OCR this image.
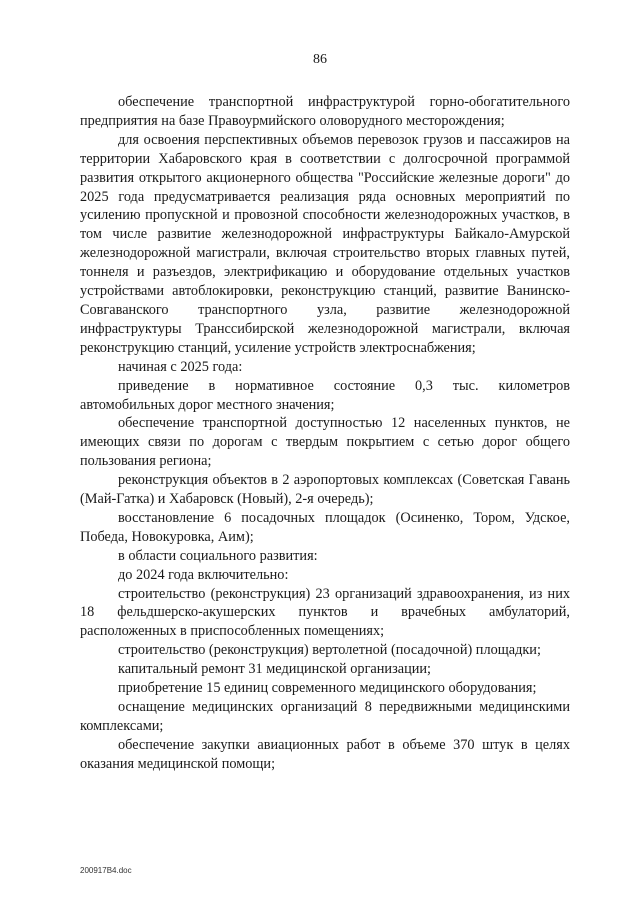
86

обеспечение транспортной инфраструктурой горно-обогатительного предприятия на базе Правоурмийского оловорудного месторождения;

для освоения перспективных объемов перевозок грузов и пассажиров на территории Хабаровского края в соответствии с долгосрочной программой развития открытого акционерного общества "Российские железные дороги" до 2025 года предусматривается реализация ряда основных мероприятий по усилению пропускной и провозной способности железнодорожных участков, в том числе развитие железнодорожной инфраструктуры Байкало-Амурской железнодорожной магистрали, включая строительство вторых главных путей, тоннеля и разъездов, электрификацию и оборудование отдельных участков устройствами автоблокировки, реконструкцию станций, развитие Ванинско-Совгаванского транспортного узла, развитие железнодорожной инфраструктуры Транссибирской железнодорожной магистрали, включая реконструкцию станций, усиление устройств электроснабжения;

начиная с 2025 года:

приведение в нормативное состояние 0,3 тыс. километров автомобильных дорог местного значения;

обеспечение транспортной доступностью 12 населенных пунктов, не имеющих связи по дорогам с твердым покрытием с сетью дорог общего пользования региона;

реконструкция объектов в 2 аэропортовых комплексах (Советская Гавань (Май-Гатка) и Хабаровск (Новый), 2-я очередь);

восстановление 6 посадочных площадок (Осиненко, Тором, Удское, Победа, Новокуровка, Аим);

в области социального развития:

до 2024 года включительно:

строительство (реконструкция) 23 организаций здравоохранения, из них 18 фельдшерско-акушерских пунктов и врачебных амбулаторий, расположенных в приспособленных помещениях;

строительство (реконструкция) вертолетной (посадочной) площадки;

капитальный ремонт 31 медицинской организации;

приобретение 15 единиц современного медицинского оборудования;

оснащение медицинских организаций 8 передвижными медицинскими комплексами;

обеспечение закупки авиационных работ в объеме 370 штук в целях оказания медицинской помощи;

200917В4.doc
